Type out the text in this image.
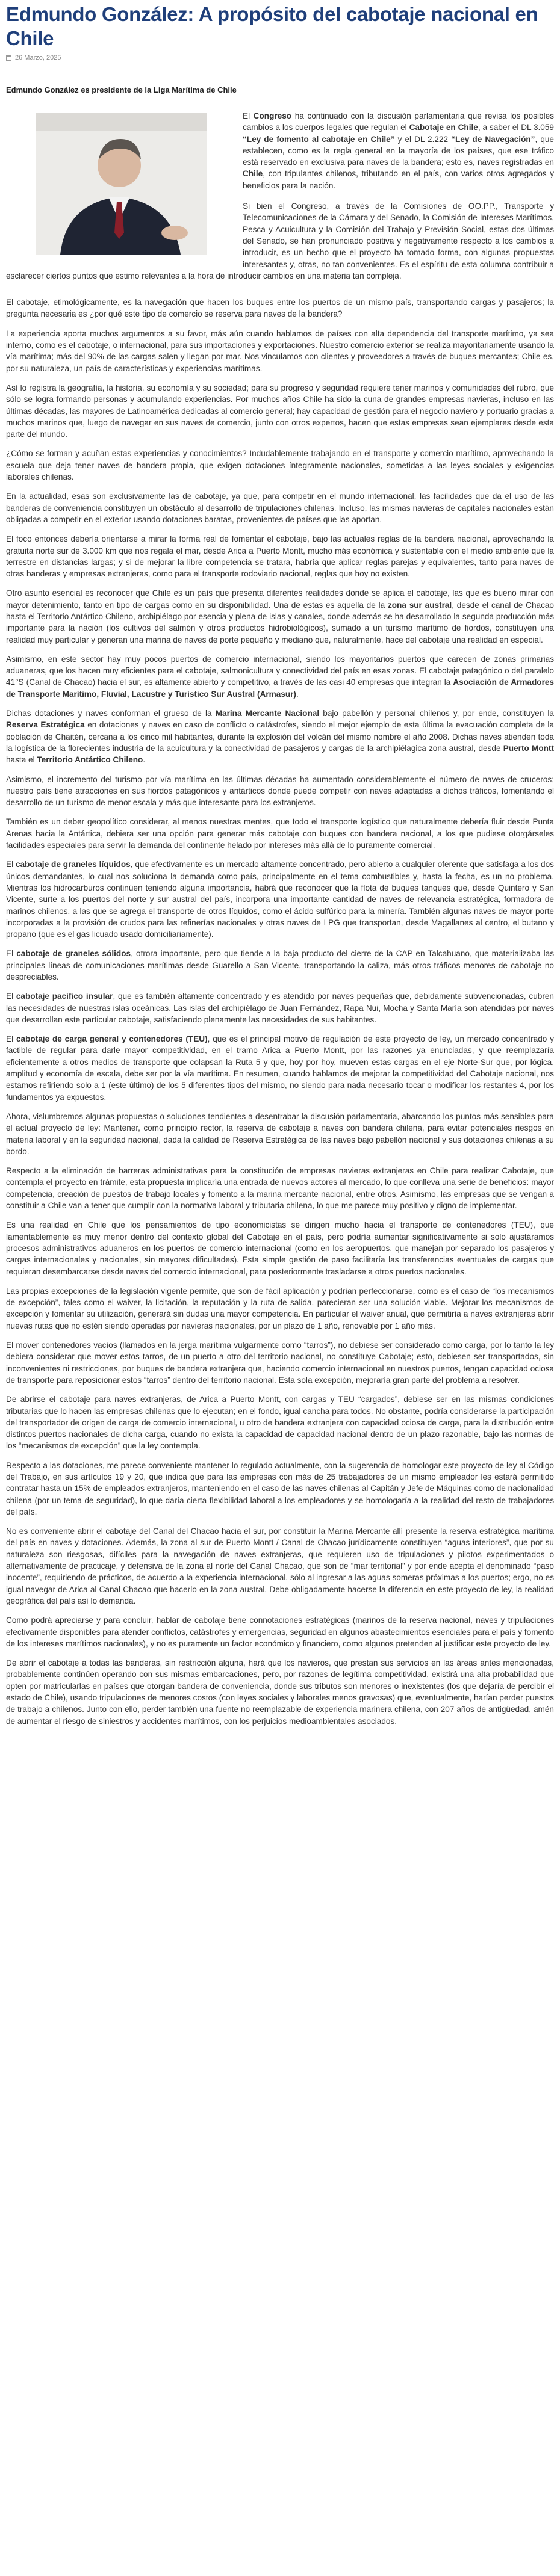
Edmundo González: A propósito del cabotaje nacional en Chile
26 Marzo, 2025
Edmundo González es presidente de la Liga Marítima de Chile

El Congreso ha continuado con la discusión parlamentaria que revisa los posibles cambios a los cuerpos legales que regulan el Cabotaje en Chile, a saber el DL 3.059 “Ley de fomento al cabotaje en Chile” y el DL 2.222 “Ley de Navegación”, que establecen, como es la regla general en la mayoría de los países, que ese tráfico está reservado en exclusiva para naves de la bandera; esto es, naves registradas en Chile, con tripulantes chilenos, tributando en el país, con varios otros agregados y beneficios para la nación.

Si bien el Congreso, a través de la Comisiones de OO.PP., Transporte y Telecomunicaciones de la Cámara y del Senado, la Comisión de Intereses Marítimos, Pesca y Acuicultura y la Comisión del Trabajo y Previsión Social, estas dos últimas del Senado, se han pronunciado positiva y negativamente respecto a los cambios a introducir, es un hecho que el proyecto ha tomado forma, con algunas propuestas interesantes y, otras, no tan convenientes. Es el espíritu de esta columna contribuir a esclarecer ciertos puntos que estimo relevantes a la hora de introducir cambios en una materia tan compleja.

El cabotaje, etimológicamente, es la navegación que hacen los buques entre los puertos de un mismo país, transportando cargas y pasajeros; la pregunta necesaria es ¿por qué este tipo de comercio se reserva para naves de la bandera?

La experiencia aporta muchos argumentos a su favor, más aún cuando hablamos de países con alta dependencia del transporte marítimo, ya sea interno, como es el cabotaje, o internacional, para sus importaciones y exportaciones. Nuestro comercio exterior se realiza mayoritariamente usando la vía marítima; más del 90% de las cargas salen y llegan por mar. Nos vinculamos con clientes y proveedores a través de buques mercantes; Chile es, por su naturaleza, un país de características y experiencias marítimas.

Así lo registra la geografía, la historia, su economía y su sociedad; para su progreso y seguridad requiere tener marinos y comunidades del rubro, que sólo se logra formando personas y acumulando experiencias. Por muchos años Chile ha sido la cuna de grandes empresas navieras, incluso en las últimas décadas, las mayores de Latinoamérica dedicadas al comercio general; hay capacidad de gestión para el negocio naviero y portuario gracias a muchos marinos que, luego de navegar en sus naves de comercio, junto con otros expertos, hacen que estas empresas sean ejemplares desde esta parte del mundo.

¿Cómo se forman y acuñan estas experiencias y conocimientos? Indudablemente trabajando en el transporte y comercio marítimo, aprovechando la escuela que deja tener naves de bandera propia, que exigen dotaciones íntegramente nacionales, sometidas a las leyes sociales y exigencias laborales chilenas.

En la actualidad, esas son exclusivamente las de cabotaje, ya que, para competir en el mundo internacional, las facilidades que da el uso de las banderas de conveniencia constituyen un obstáculo al desarrollo de tripulaciones chilenas. Incluso, las mismas navieras de capitales nacionales están obligadas a competir en el exterior usando dotaciones baratas, provenientes de países que las aportan.

El foco entonces debería orientarse a mirar la forma real de fomentar el cabotaje, bajo las actuales reglas de la bandera nacional, aprovechando la gratuita norte sur de 3.000 km que nos regala el mar, desde Arica a Puerto Montt, mucho más económica y sustentable con el medio ambiente que la terrestre en distancias largas; y si de mejorar la libre competencia se tratara, habría que aplicar reglas parejas y equivalentes, tanto para naves de otras banderas y empresas extranjeras, como para el transporte rodoviario nacional, reglas que hoy no existen.

Otro asunto esencial es reconocer que Chile es un país que presenta diferentes realidades donde se aplica el cabotaje, las que es bueno mirar con mayor detenimiento, tanto en tipo de cargas como en su disponibilidad. Una de estas es aquella de la zona sur austral, desde el canal de Chacao hasta el Territorio Antártico Chileno, archipiélago por esencia y plena de islas y canales, donde además se ha desarrollado la segunda producción más importante para la nación (los cultivos del salmón y otros productos hidrobiológicos), sumado a un turismo marítimo de fiordos, constituyen una realidad muy particular y generan una marina de naves de porte pequeño y mediano que, naturalmente, hace del cabotaje una realidad en especial.

Asimismo, en este sector hay muy pocos puertos de comercio internacional, siendo los mayoritarios puertos que carecen de zonas primarias aduaneras, que los hacen muy eficientes para el cabotaje, salmonicultura y conectividad del país en esas zonas. El cabotaje patagónico o del paralelo 41°S (Canal de Chacao) hacia el sur, es altamente abierto y competitivo, a través de las casi 40 empresas que integran la Asociación de Armadores de Transporte Marítimo, Fluvial, Lacustre y Turístico Sur Austral (Armasur).

Dichas dotaciones y naves conforman el grueso de la Marina Mercante Nacional bajo pabellón y personal chilenos y, por ende, constituyen la Reserva Estratégica en dotaciones y naves en caso de conflicto o catástrofes, siendo el mejor ejemplo de esta última la evacuación completa de la población de Chaitén, cercana a los cinco mil habitantes, durante la explosión del volcán del mismo nombre el año 2008. Dichas naves atienden toda la logística de la florecientes industria de la acuicultura y la conectividad de pasajeros y cargas de la archipiélagica zona austral, desde Puerto Montt hasta el Territorio Antártico Chileno.

Asimismo, el incremento del turismo por vía marítima en las últimas décadas ha aumentado considerablemente el número de naves de cruceros; nuestro país tiene atracciones en sus fiordos patagónicos y antárticos donde puede competir con naves adaptadas a dichos tráficos, fomentando el desarrollo de un turismo de menor escala y más que interesante para los extranjeros.

También es un deber geopolítico considerar, al menos nuestras mentes, que todo el transporte logístico que naturalmente debería fluir desde Punta Arenas hacia la Antártica, debiera ser una opción para generar más cabotaje con buques con bandera nacional, a los que pudiese otorgárseles facilidades especiales para servir la demanda del continente helado por intereses más allá de lo puramente comercial.

El cabotaje de graneles líquidos, que efectivamente es un mercado altamente concentrado, pero abierto a cualquier oferente que satisfaga a los dos únicos demandantes, lo cual nos soluciona la demanda como país, principalmente en el tema combustibles y, hasta la fecha, es un no problema. Mientras los hidrocarburos continúen teniendo alguna importancia, habrá que reconocer que la flota de buques tanques que, desde Quintero y San Vicente, surte a los puertos del norte y sur austral del país, incorpora una importante cantidad de naves de relevancia estratégica, formadora de marinos chilenos, a las que se agrega el transporte de otros líquidos, como el ácido sulfúrico para la minería. También algunas naves de mayor porte incorporadas a la provisión de crudos para las refinerías nacionales y otras naves de LPG que transportan, desde Magallanes al centro, el butano y propano (que es el gas licuado usado domiciliariamente).

El cabotaje de graneles sólidos, otrora importante, pero que tiende a la baja producto del cierre de la CAP en Talcahuano, que materializaba las principales líneas de comunicaciones marítimas desde Guarello a San Vicente, transportando la caliza, más otros tráficos menores de cabotaje no despreciables.

El cabotaje pacífico insular, que es también altamente concentrado y es atendido por naves pequeñas que, debidamente subvencionadas, cubren las necesidades de nuestras islas oceánicas. Las islas del archipiélago de Juan Fernández, Rapa Nui, Mocha y Santa María son atendidas por naves que desarrollan este particular cabotaje, satisfaciendo plenamente las necesidades de sus habitantes.

El cabotaje de carga general y contenedores (TEU), que es el principal motivo de regulación de este proyecto de ley, un mercado concentrado y factible de regular para darle mayor competitividad, en el tramo Arica a Puerto Montt, por las razones ya enunciadas, y que reemplazaría eficientemente a otros medios de transporte que colapsan la Ruta 5 y que, hoy por hoy, mueven estas cargas en el eje Norte-Sur que, por lógica, amplitud y economía de escala, debe ser por la vía marítima. En resumen, cuando hablamos de mejorar la competitividad del Cabotaje nacional, nos estamos refiriendo solo a 1 (este último) de los 5 diferentes tipos del mismo, no siendo para nada necesario tocar o modificar los restantes 4, por los fundamentos ya expuestos.

Ahora, vislumbremos algunas propuestas o soluciones tendientes a desentrabar la discusión parlamentaria, abarcando los puntos más sensibles para el actual proyecto de ley: Mantener, como principio rector, la reserva de cabotaje a naves con bandera chilena, para evitar potenciales riesgos en materia laboral y en la seguridad nacional, dada la calidad de Reserva Estratégica de las naves bajo pabellón nacional y sus dotaciones chilenas a su bordo.

Respecto a la eliminación de barreras administrativas para la constitución de empresas navieras extranjeras en Chile para realizar Cabotaje, que contempla el proyecto en trámite, esta propuesta implicaría una entrada de nuevos actores al mercado, lo que conlleva una serie de beneficios: mayor competencia, creación de puestos de trabajo locales y fomento a la marina mercante nacional, entre otros. Asimismo, las empresas que se vengan a constituir a Chile van a tener que cumplir con la normativa laboral y tributaria chilena, lo que me parece muy positivo y digno de implementar.

Es una realidad en Chile que los pensamientos de tipo economicistas se dirigen mucho hacia el transporte de contenedores (TEU), que lamentablemente es muy menor dentro del contexto global del Cabotaje en el país, pero podría aumentar significativamente si solo ajustáramos procesos administrativos aduaneros en los puertos de comercio internacional (como en los aeropuertos, que manejan por separado los pasajeros y cargas internacionales y nacionales, sin mayores dificultades). Esta simple gestión de paso facilitaría las transferencias eventuales de cargas que requieran desembarcarse desde naves del comercio internacional, para posteriormente trasladarse a otros puertos nacionales.

Las propias excepciones de la legislación vigente permite, que son de fácil aplicación y podrían perfeccionarse, como es el caso de “los mecanismos de excepción”, tales como el waiver, la licitación, la reputación y la ruta de salida, parecieran ser una solución viable. Mejorar los mecanismos de excepción y fomentar su utilización, generará sin dudas una mayor competencia. En particular el waiver anual, que permitiría a naves extranjeras abrir nuevas rutas que no estén siendo operadas por navieras nacionales, por un plazo de 1 año, renovable por 1 año más.

El mover contenedores vacíos (llamados en la jerga marítima vulgarmente como “tarros”), no debiese ser considerado como carga, por lo tanto la ley debiera considerar que mover estos tarros, de un puerto a otro del territorio nacional, no constituye Cabotaje; esto, debiesen ser transportados, sin inconvenientes ni restricciones, por buques de bandera extranjera que, haciendo comercio internacional en nuestros puertos, tengan capacidad ociosa de transporte para reposicionar estos “tarros” dentro del territorio nacional. Esta sola excepción, mejoraría gran parte del problema a resolver.

De abrirse el cabotaje para naves extranjeras, de Arica a Puerto Montt, con cargas y TEU “cargados”, debiese ser en las mismas condiciones tributarias que lo hacen las empresas chilenas que lo ejecutan; en el fondo, igual cancha para todos. No obstante, podría considerarse la participación del transportador de origen de carga de comercio internacional, u otro de bandera extranjera con capacidad ociosa de carga, para la distribución entre distintos puertos nacionales de dicha carga, cuando no exista la capacidad de capacidad nacional dentro de un plazo razonable, bajo las normas de los “mecanismos de excepción” que la ley contempla.

Respecto a las dotaciones, me parece conveniente mantener lo regulado actualmente, con la sugerencia de homologar este proyecto de ley al Código del Trabajo, en sus artículos 19 y 20, que indica que para las empresas con más de 25 trabajadores de un mismo empleador les estará permitido contratar hasta un 15% de empleados extranjeros, manteniendo en el caso de las naves chilenas al Capitán y Jefe de Máquinas como de nacionalidad chilena (por un tema de seguridad), lo que daría cierta flexibilidad laboral a los empleadores y se homologaría a la realidad del resto de trabajadores del país.

No es conveniente abrir el cabotaje del Canal del Chacao hacia el sur, por constituir la Marina Mercante allí presente la reserva estratégica marítima del país en naves y dotaciones. Además, la zona al sur de Puerto Montt / Canal de Chacao jurídicamente constituyen “aguas interiores”, que por su naturaleza son riesgosas, difíciles para la navegación de naves extranjeras, que requieren uso de tripulaciones y pilotos experimentados o alternativamente de practicaje, y defensiva de la zona al norte del Canal Chacao, que son de “mar territorial” y por ende acepta el denominado “paso inocente”, requiriendo de prácticos, de acuerdo a la experiencia internacional, sólo al ingresar a las aguas someras próximas a los puertos; ergo, no es igual navegar de Arica al Canal Chacao que hacerlo en la zona austral. Debe obligadamente hacerse la diferencia en este proyecto de ley, la realidad geográfica del país así lo demanda.

Como podrá apreciarse y para concluir, hablar de cabotaje tiene connotaciones estratégicas (marinos de la reserva nacional, naves y tripulaciones efectivamente disponibles para atender conflictos, catástrofes y emergencias, seguridad en algunos abastecimientos esenciales para el país y fomento de los intereses marítimos nacionales), y no es puramente un factor económico y financiero, como algunos pretenden al justificar este proyecto de ley.

De abrir el cabotaje a todas las banderas, sin restricción alguna, hará que los navieros, que prestan sus servicios en las áreas antes mencionadas, probablemente continúen operando con sus mismas embarcaciones, pero, por razones de legítima competitividad, existirá una alta probabilidad que opten por matricularlas en países que otorgan bandera de conveniencia, donde sus tributos son menores o inexistentes (los que dejaría de percibir el estado de Chile), usando tripulaciones de menores costos (con leyes sociales y laborales menos gravosas) que, eventualmente, harían perder puestos de trabajo a chilenos. Junto con ello, perder también una fuente no reemplazable de experiencia marinera chilena, con 207 años de antigüedad, amén de aumentar el riesgo de siniestros y accidentes marítimos, con los perjuicios medioambientales asociados.
